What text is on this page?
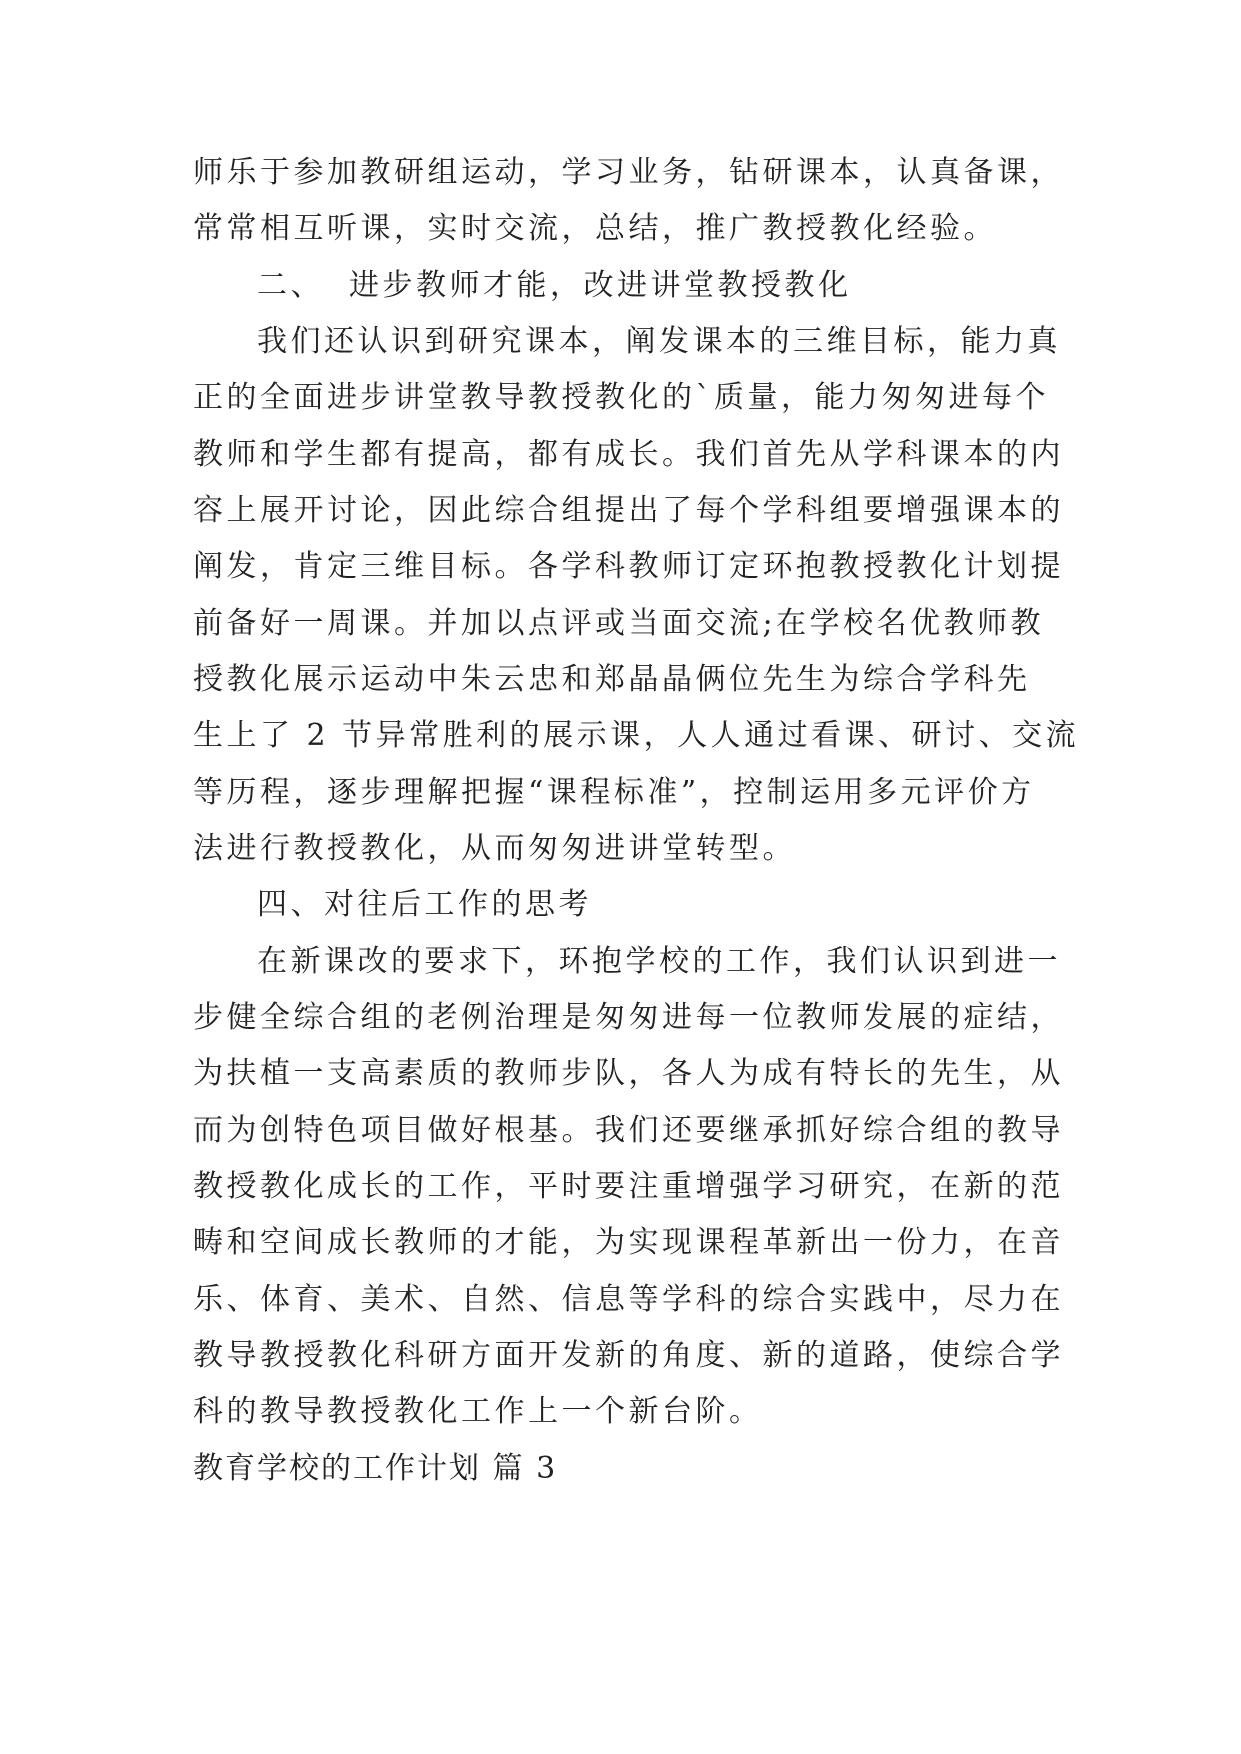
师乐于参加教研组运动，学习业务，钻研课本，认真备课，
常常相互听课，实时交流，总结，推广教授教化经验。
二、 进步教师才能，改进讲堂教授教化
我们还认识到研究课本，阐发课本的三维目标，能力真
正的全面进步讲堂教导教授教化的`质量，能力匆匆进每个
教师和学生都有提高，都有成长。我们首先从学科课本的内
容上展开讨论，因此综合组提出了每个学科组要增强课本的
阐发，肯定三维目标。各学科教师订定环抱教授教化计划提
前备好一周课。并加以点评或当面交流;在学校名优教师教
授教化展示运动中朱云忠和郑晶晶俩位先生为综合学科先
生上了 2 节异常胜利的展示课，人人通过看课、研讨、交流
等历程，逐步理解把握“课程标准”，控制运用多元评价方
法进行教授教化，从而匆匆进讲堂转型。
四、对往后工作的思考
在新课改的要求下，环抱学校的工作，我们认识到进一
步健全综合组的老例治理是匆匆进每一位教师发展的症结，
为扶植一支高素质的教师步队，各人为成有特长的先生，从
而为创特色项目做好根基。我们还要继承抓好综合组的教导
教授教化成长的工作，平时要注重增强学习研究，在新的范
畴和空间成长教师的才能，为实现课程革新出一份力，在音
乐、体育、美术、自然、信息等学科的综合实践中，尽力在
教导教授教化科研方面开发新的角度、新的道路，使综合学
科的教导教授教化工作上一个新台阶。
教育学校的工作计划 篇 3
